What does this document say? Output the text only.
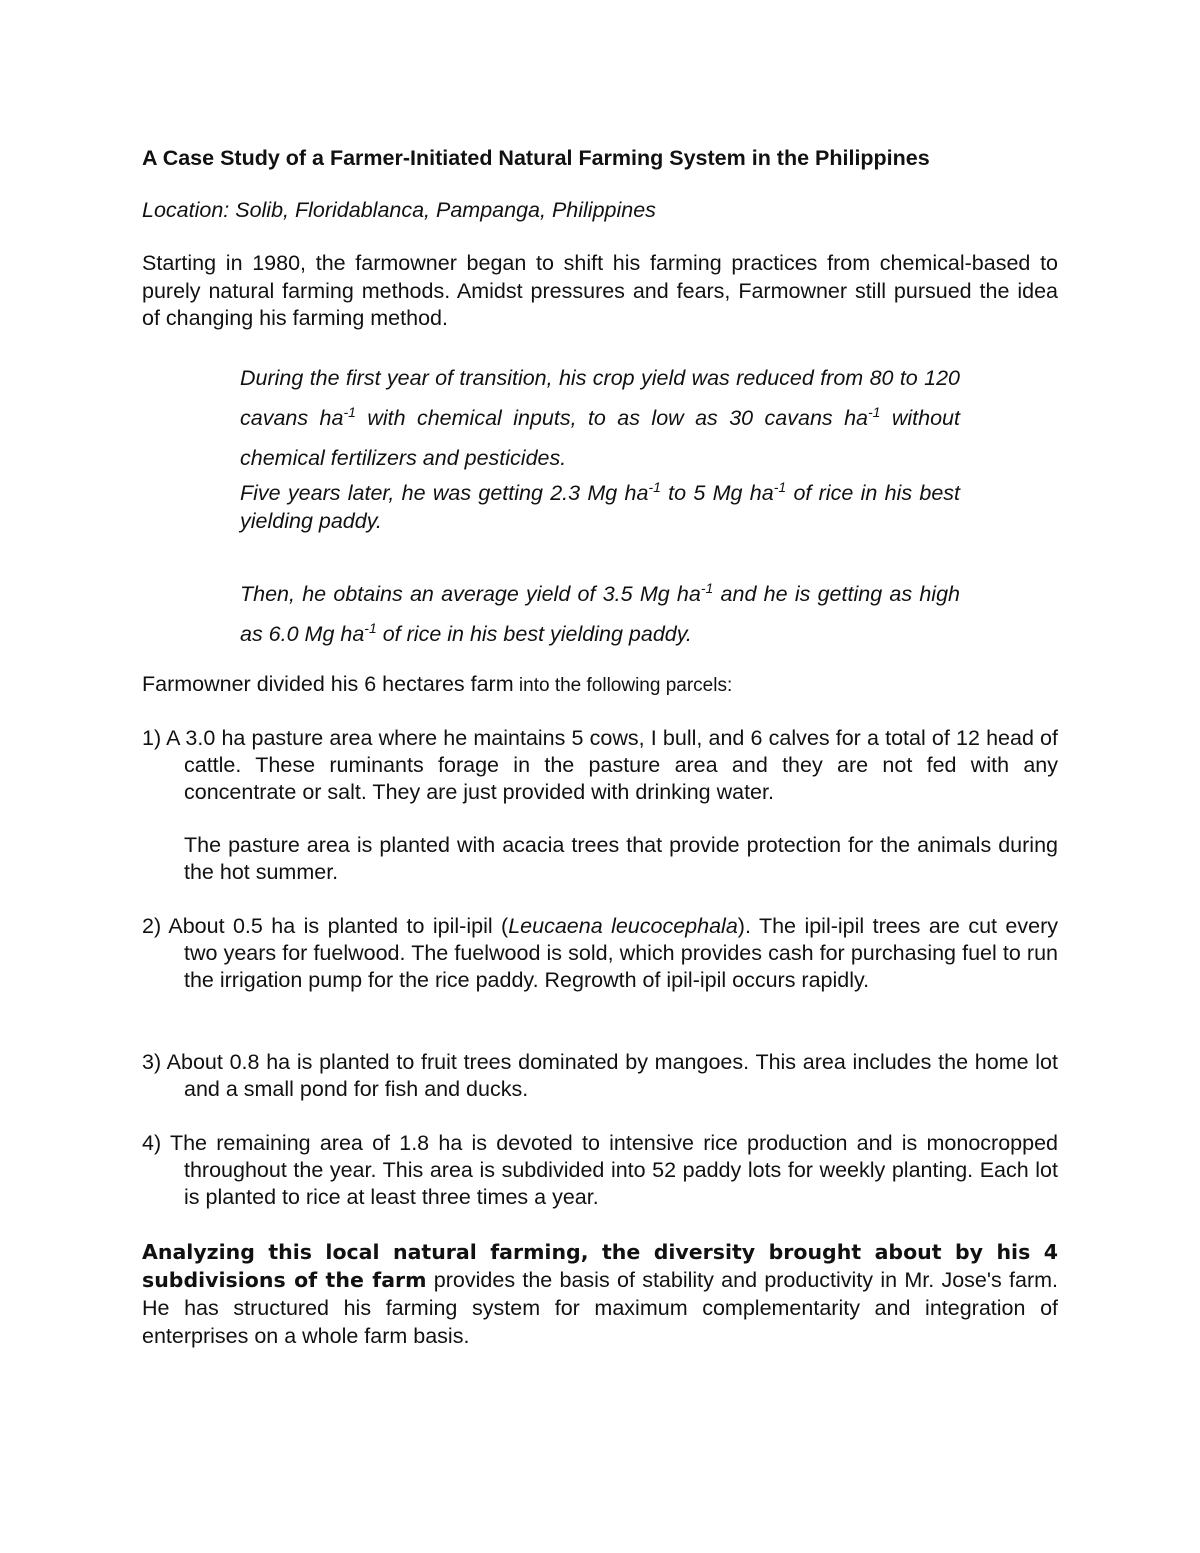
A Case Study of a Farmer-Initiated Natural Farming System in the Philippines

Location: Solib, Floridablanca, Pampanga, Philippines

Starting in 1980, the farmowner began to shift his farming practices from chemical-based to purely natural farming methods. Amidst pressures and fears, Farmowner still pursued the idea of changing his farming method.

During the first year of transition, his crop yield was reduced from 80 to 120 cavans $ha^{-1}$ with chemical inputs, to as low as 30 cavans $ha^{-1}$ without chemical fertilizers and pesticides.

Five years later, he was getting 2.3 Mg $ha^{-1}$ to 5 Mg $ha^{-1}$ of rice in his best yielding paddy.

Then, he obtains an average yield of 3.5 Mg $ha^{-1}$ and he is getting as high as 6.0 Mg $ha^{-1}$ of rice in his best yielding paddy.

Farmowner divided his 6 hectares farm into the following parcels:

1) A 3.0 ha pasture area where he maintains 5 cows, I bull, and 6 calves for a total of 12 head of cattle. These ruminants forage in the pasture area and they are not fed with any concentrate or salt. They are just provided with drinking water.

The pasture area is planted with acacia trees that provide protection for the animals during the hot summer.

2) About 0.5 ha is planted to ipil-ipil (Leucaena leucocephala). The ipil-ipil trees are cut every two years for fuelwood. The fuelwood is sold, which provides cash for purchasing fuel to run the irrigation pump for the rice paddy. Regrowth of ipil-ipil occurs rapidly.

3) About 0.8 ha is planted to fruit trees dominated by mangoes. This area includes the home lot and a small pond for fish and ducks.

4) The remaining area of 1.8 ha is devoted to intensive rice production and is monocropped throughout the year. This area is subdivided into 52 paddy lots for weekly planting. Each lot is planted to rice at least three times a year.

Analyzing this local natural farming, the diversity brought about by his 4 subdivisions of the farm provides the basis of stability and productivity in Mr. Jose's farm. He has structured his farming system for maximum complementarity and integration of enterprises on a whole farm basis.
